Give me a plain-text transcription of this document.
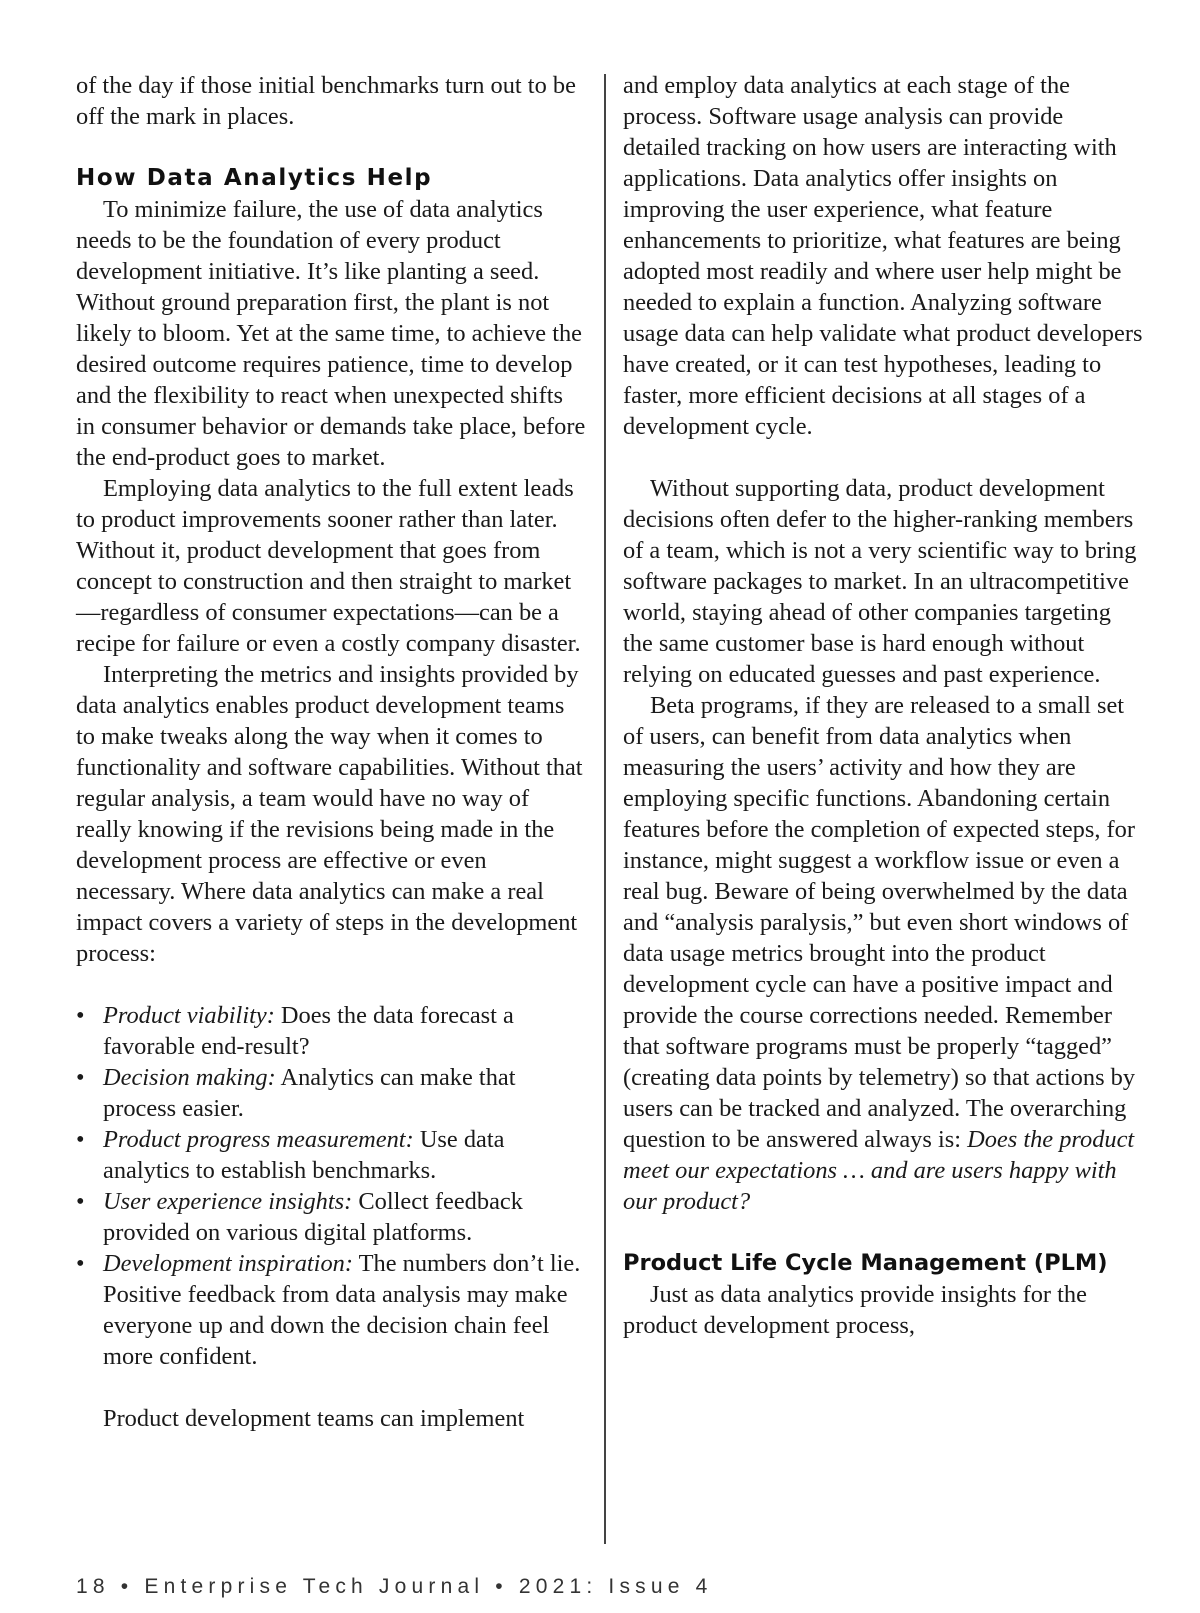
of the day if those initial benchmarks turn out to be off the mark in places.

How Data Analytics Help

To minimize failure, the use of data analytics needs to be the foundation of every product development initiative. It’s like planting a seed. Without ground preparation first, the plant is not likely to bloom. Yet at the same time, to achieve the desired outcome requires patience, time to develop and the flexibility to react when unexpected shifts in consumer behavior or demands take place, before the end-product goes to market.

Employing data analytics to the full extent leads to product improvements sooner rather than later. Without it, product development that goes from concept to construction and then straight to market—regardless of consumer expectations—can be a recipe for failure or even a costly company disaster.

Interpreting the metrics and insights provided by data analytics enables product development teams to make tweaks along the way when it comes to functionality and software capabilities. Without that regular analysis, a team would have no way of really knowing if the revisions being made in the development process are effective or even necessary. Where data analytics can make a real impact covers a variety of steps in the development process:

• Product viability: Does the data forecast a favorable end-result?
• Decision making: Analytics can make that process easier.
• Product progress measurement: Use data analytics to establish benchmarks.
• User experience insights: Collect feedback provided on various digital platforms.
• Development inspiration: The numbers don’t lie. Positive feedback from data analysis may make everyone up and down the decision chain feel more confident.

Product development teams can implement

and employ data analytics at each stage of the process. Software usage analysis can provide detailed tracking on how users are interacting with applications. Data analytics offer insights on improving the user experience, what feature enhancements to prioritize, what features are being adopted most readily and where user help might be needed to explain a function. Analyzing software usage data can help validate what product developers have created, or it can test hypotheses, leading to faster, more efficient decisions at all stages of a development cycle.

Without supporting data, product development decisions often defer to the higher-ranking members of a team, which is not a very scientific way to bring software packages to market. In an ultracompetitive world, staying ahead of other companies targeting the same customer base is hard enough without relying on educated guesses and past experience.

Beta programs, if they are released to a small set of users, can benefit from data analytics when measuring the users’ activity and how they are employing specific functions. Abandoning certain features before the completion of expected steps, for instance, might suggest a workflow issue or even a real bug. Beware of being overwhelmed by the data and “analysis paralysis,” but even short windows of data usage metrics brought into the product development cycle can have a positive impact and provide the course corrections needed. Remember that software programs must be properly “tagged” (creating data points by telemetry) so that actions by users can be tracked and analyzed. The overarching question to be answered always is: Does the product meet our expectations … and are users happy with our product?

Product Life Cycle Management (PLM)

Just as data analytics provide insights for the product development process,

18 • Enterprise Tech Journal • 2021: Issue 4
